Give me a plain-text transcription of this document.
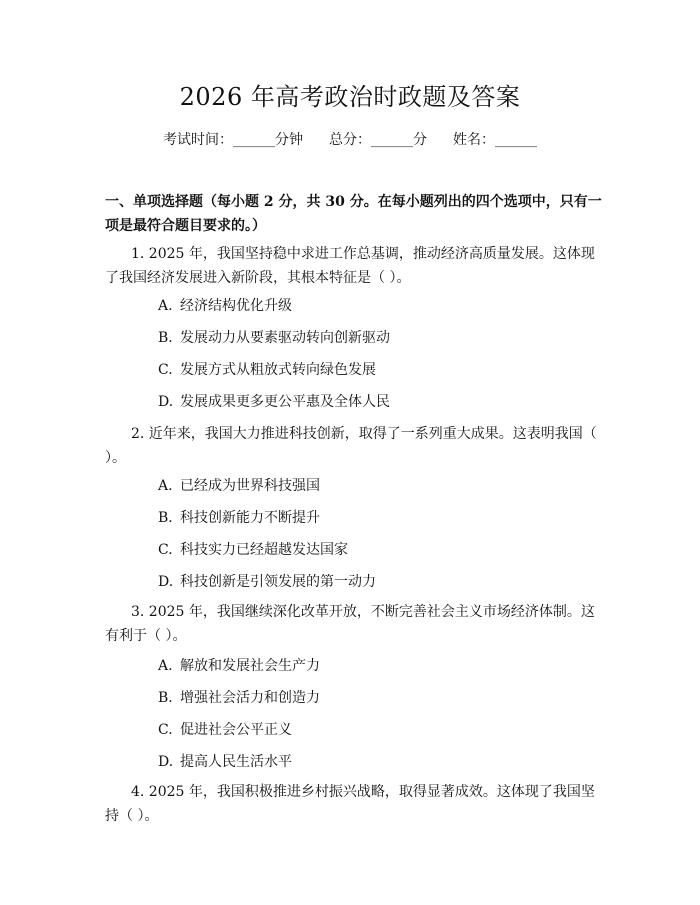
2026 年高考政治时政题及答案
考试时间：______分钟 总分：______分 姓名：______
一、单项选择题（每小题 2 分，共 30 分。在每小题列出的四个选项中，只有一项是最符合题目要求的。）
1. 2025 年，我国坚持稳中求进工作总基调，推动经济高质量发展。这体现了我国经济发展进入新阶段，其根本特征是（ ）。
A. 经济结构优化升级
B. 发展动力从要素驱动转向创新驱动
C. 发展方式从粗放式转向绿色发展
D. 发展成果更多更公平惠及全体人民
2. 近年来，我国大力推进科技创新，取得了一系列重大成果。这表明我国（ ）。
A. 已经成为世界科技强国
B. 科技创新能力不断提升
C. 科技实力已经超越发达国家
D. 科技创新是引领发展的第一动力
3. 2025 年，我国继续深化改革开放，不断完善社会主义市场经济体制。这有利于（ ）。
A. 解放和发展社会生产力
B. 增强社会活力和创造力
C. 促进社会公平正义
D. 提高人民生活水平
4. 2025 年，我国积极推进乡村振兴战略，取得显著成效。这体现了我国坚持（ ）。
